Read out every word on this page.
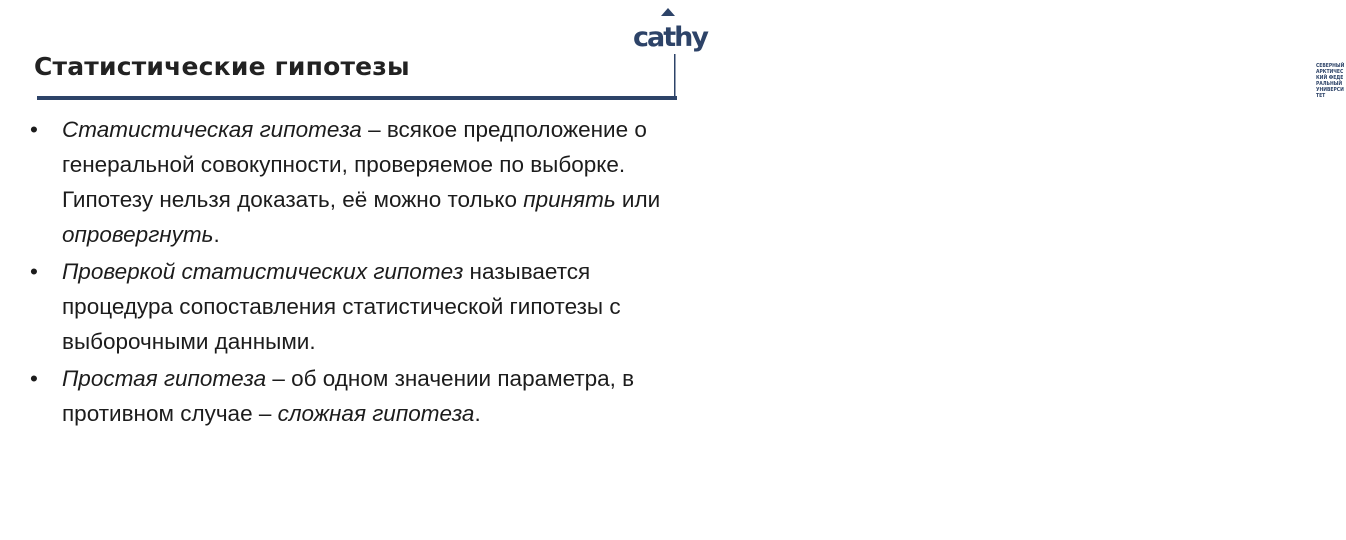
Статистические гипотезы
cathy
СЕВЕРНЫЙ АРКТИЧЕСКИЙ ФЕДЕРАЛЬНЫЙ УНИВЕРСИТЕТ
•	Статистическая гипотеза – всякое предположение о генеральной совокупности, проверяемое по выборке. Гипотезу нельзя доказать, её можно только принять или опровергнуть.
•	Проверкой статистических гипотез называется процедура сопоставления статистической гипотезы с выборочными данными.
•	Простая гипотеза – об одном значении параметра, в противном случае – сложная гипотеза.
